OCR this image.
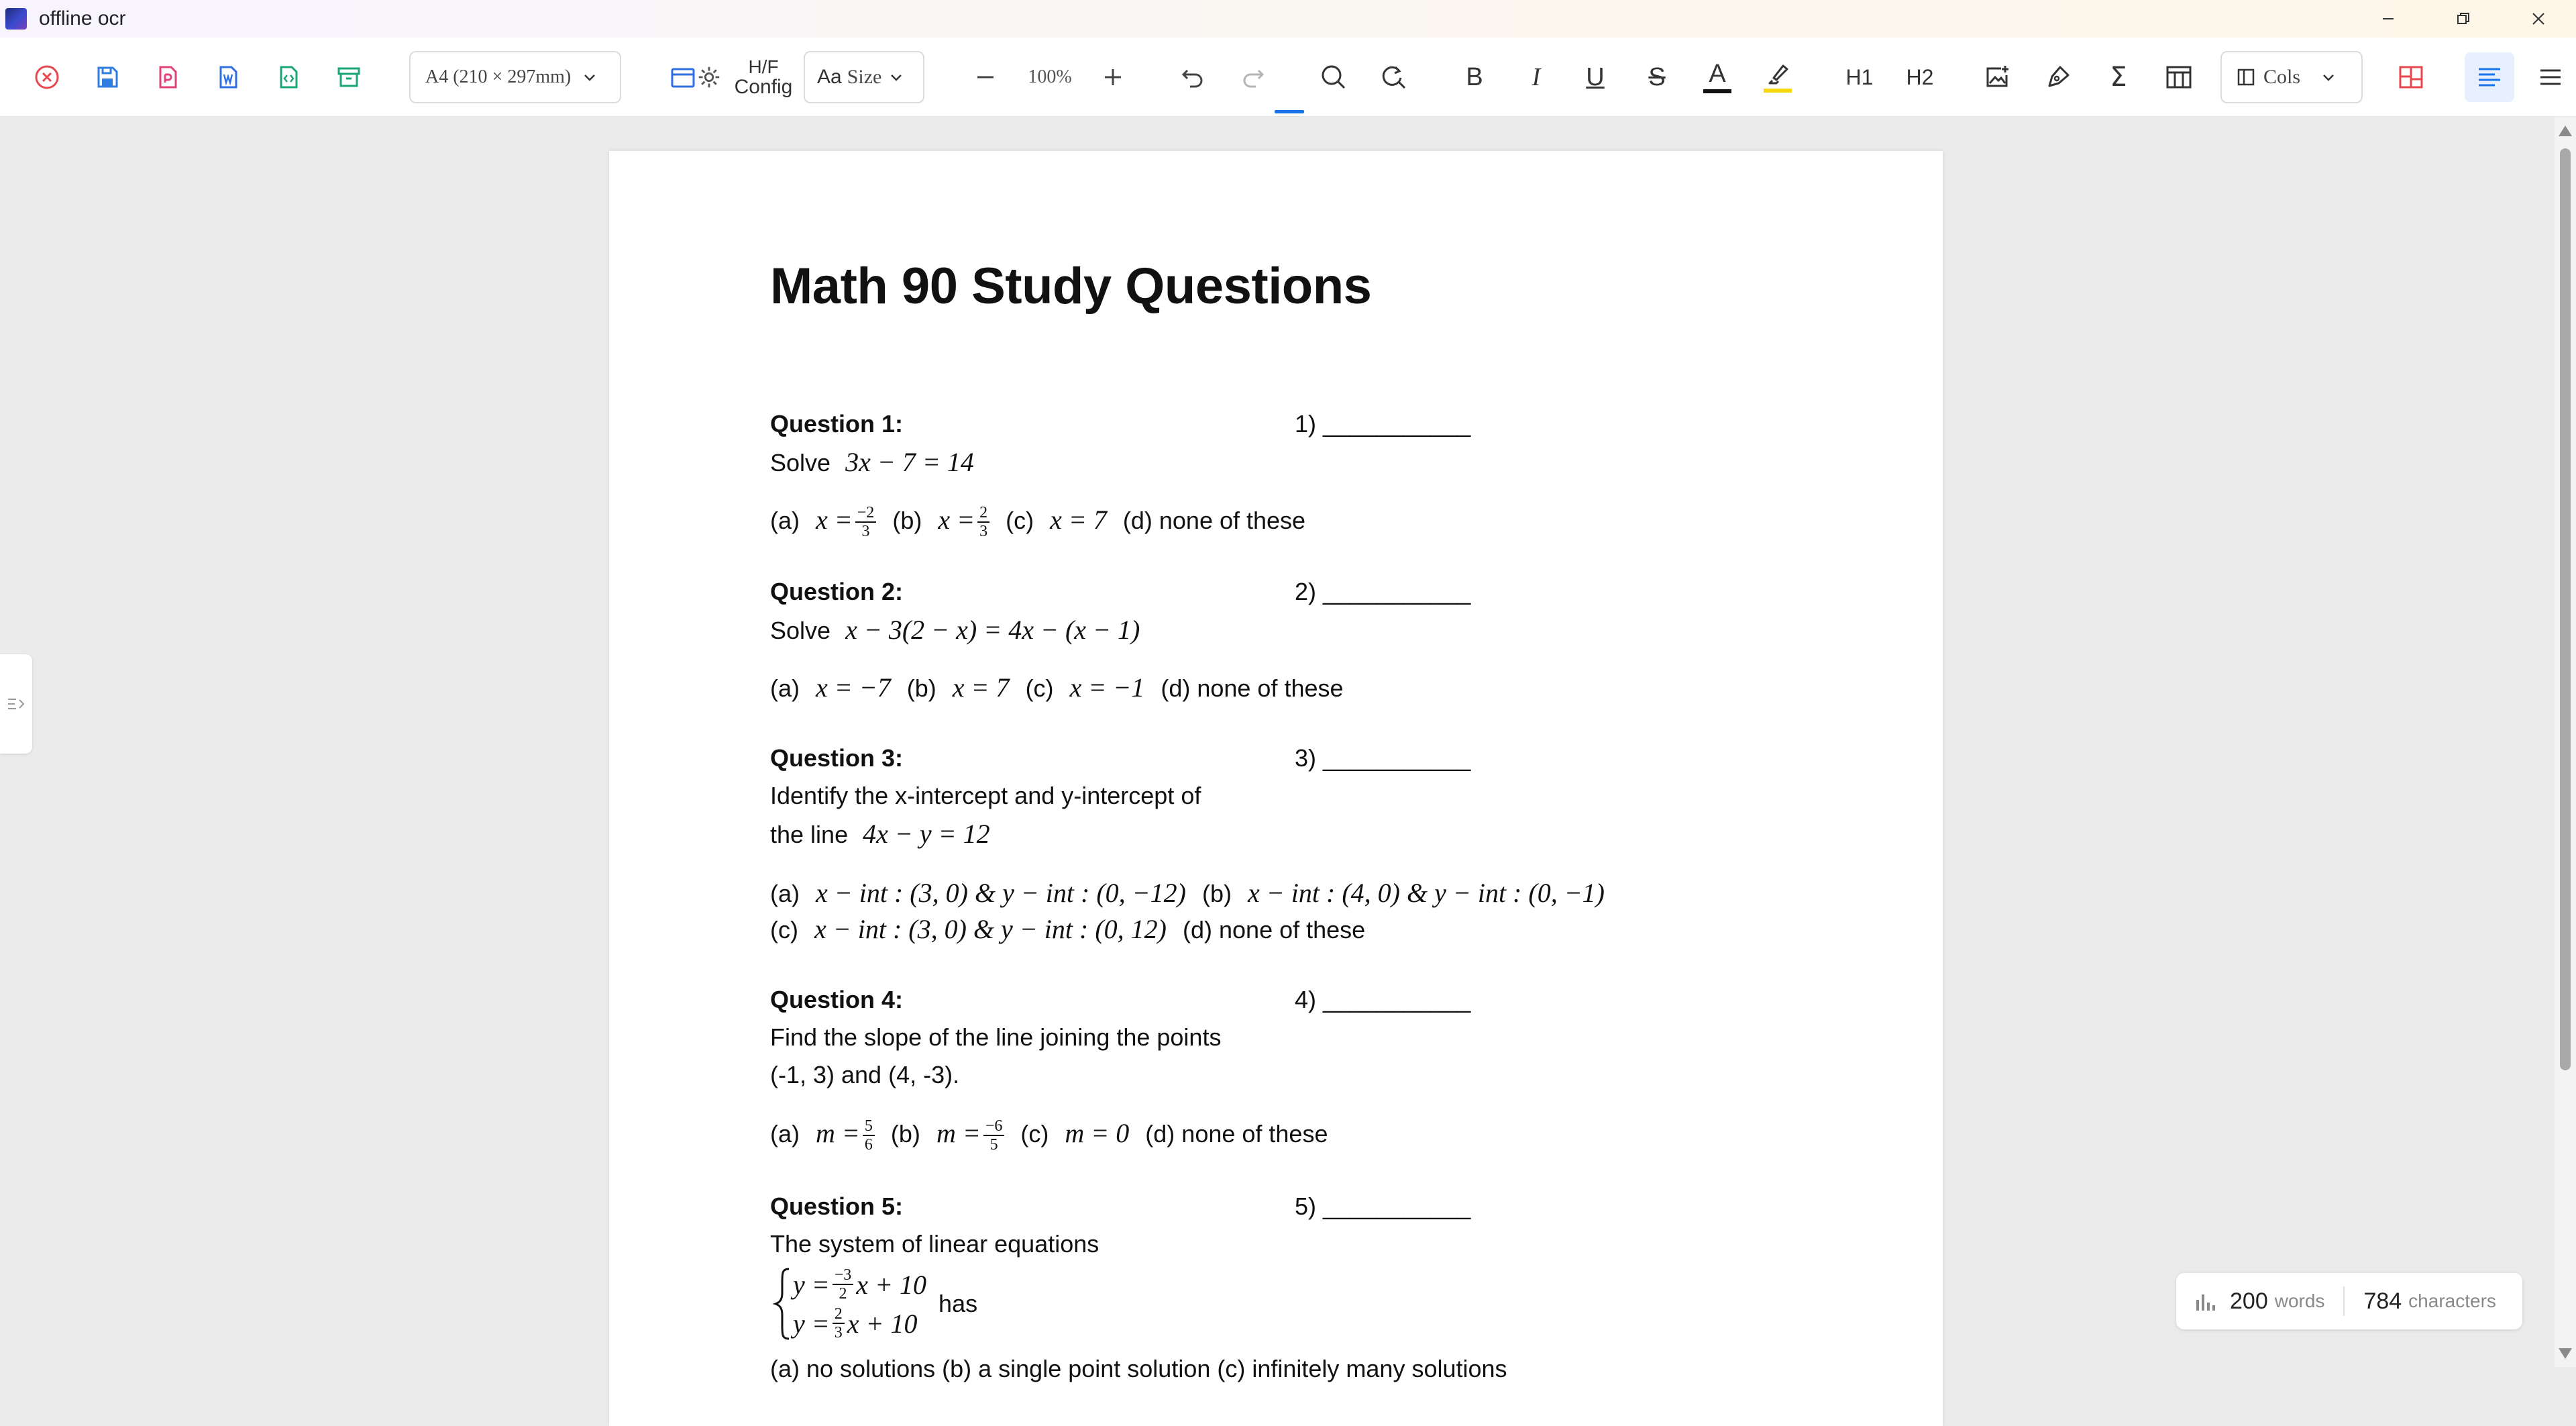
offline ocr
A4 (210 × 297mm)	H/F
Config Aa Size	100%	B I U S A	H1 H2	Σ	Cols
Math 90 Study Questions
Question 1:	1) ___________
Solve 3x − 7 = 14
(a) $x = \frac{-2}{3} (b) x = \frac{2}{3} (c) x = 7$ (d) none of these
Question 2:	2) ___________
Solve x − 3(2 − x) = 4x − (x − 1)
(a) x = −7 (b) x = 7 (c) x = −1 (d) none of these
Question 3:	3) ___________
Identify the x-intercept and y-intercept of
the line 4x − y = 12
(a) x − int : (3, 0) & y − int : (0, −12) (b) x − int : (4, 0) & y − int : (0, −1)
(c) x − int : (3, 0) & y − int : (0, 12) (d) none of these
Question 4:	4) ___________
Find the slope of the line joining the points
(-1, 3) and (4, -3).
(a) $m = \frac{5}{6} (b) m = \frac{-6}{5} (c) m = 0$ (d) none of these
Question 5:	5) ___________
The system of linear equations
$y = \frac{-3}{2}$ x + 10
$y = \frac{2}{3}$ x + 10
has
(a) no solutions (b) a single point solution (c) infinitely many solutions
200 words 784 characters
